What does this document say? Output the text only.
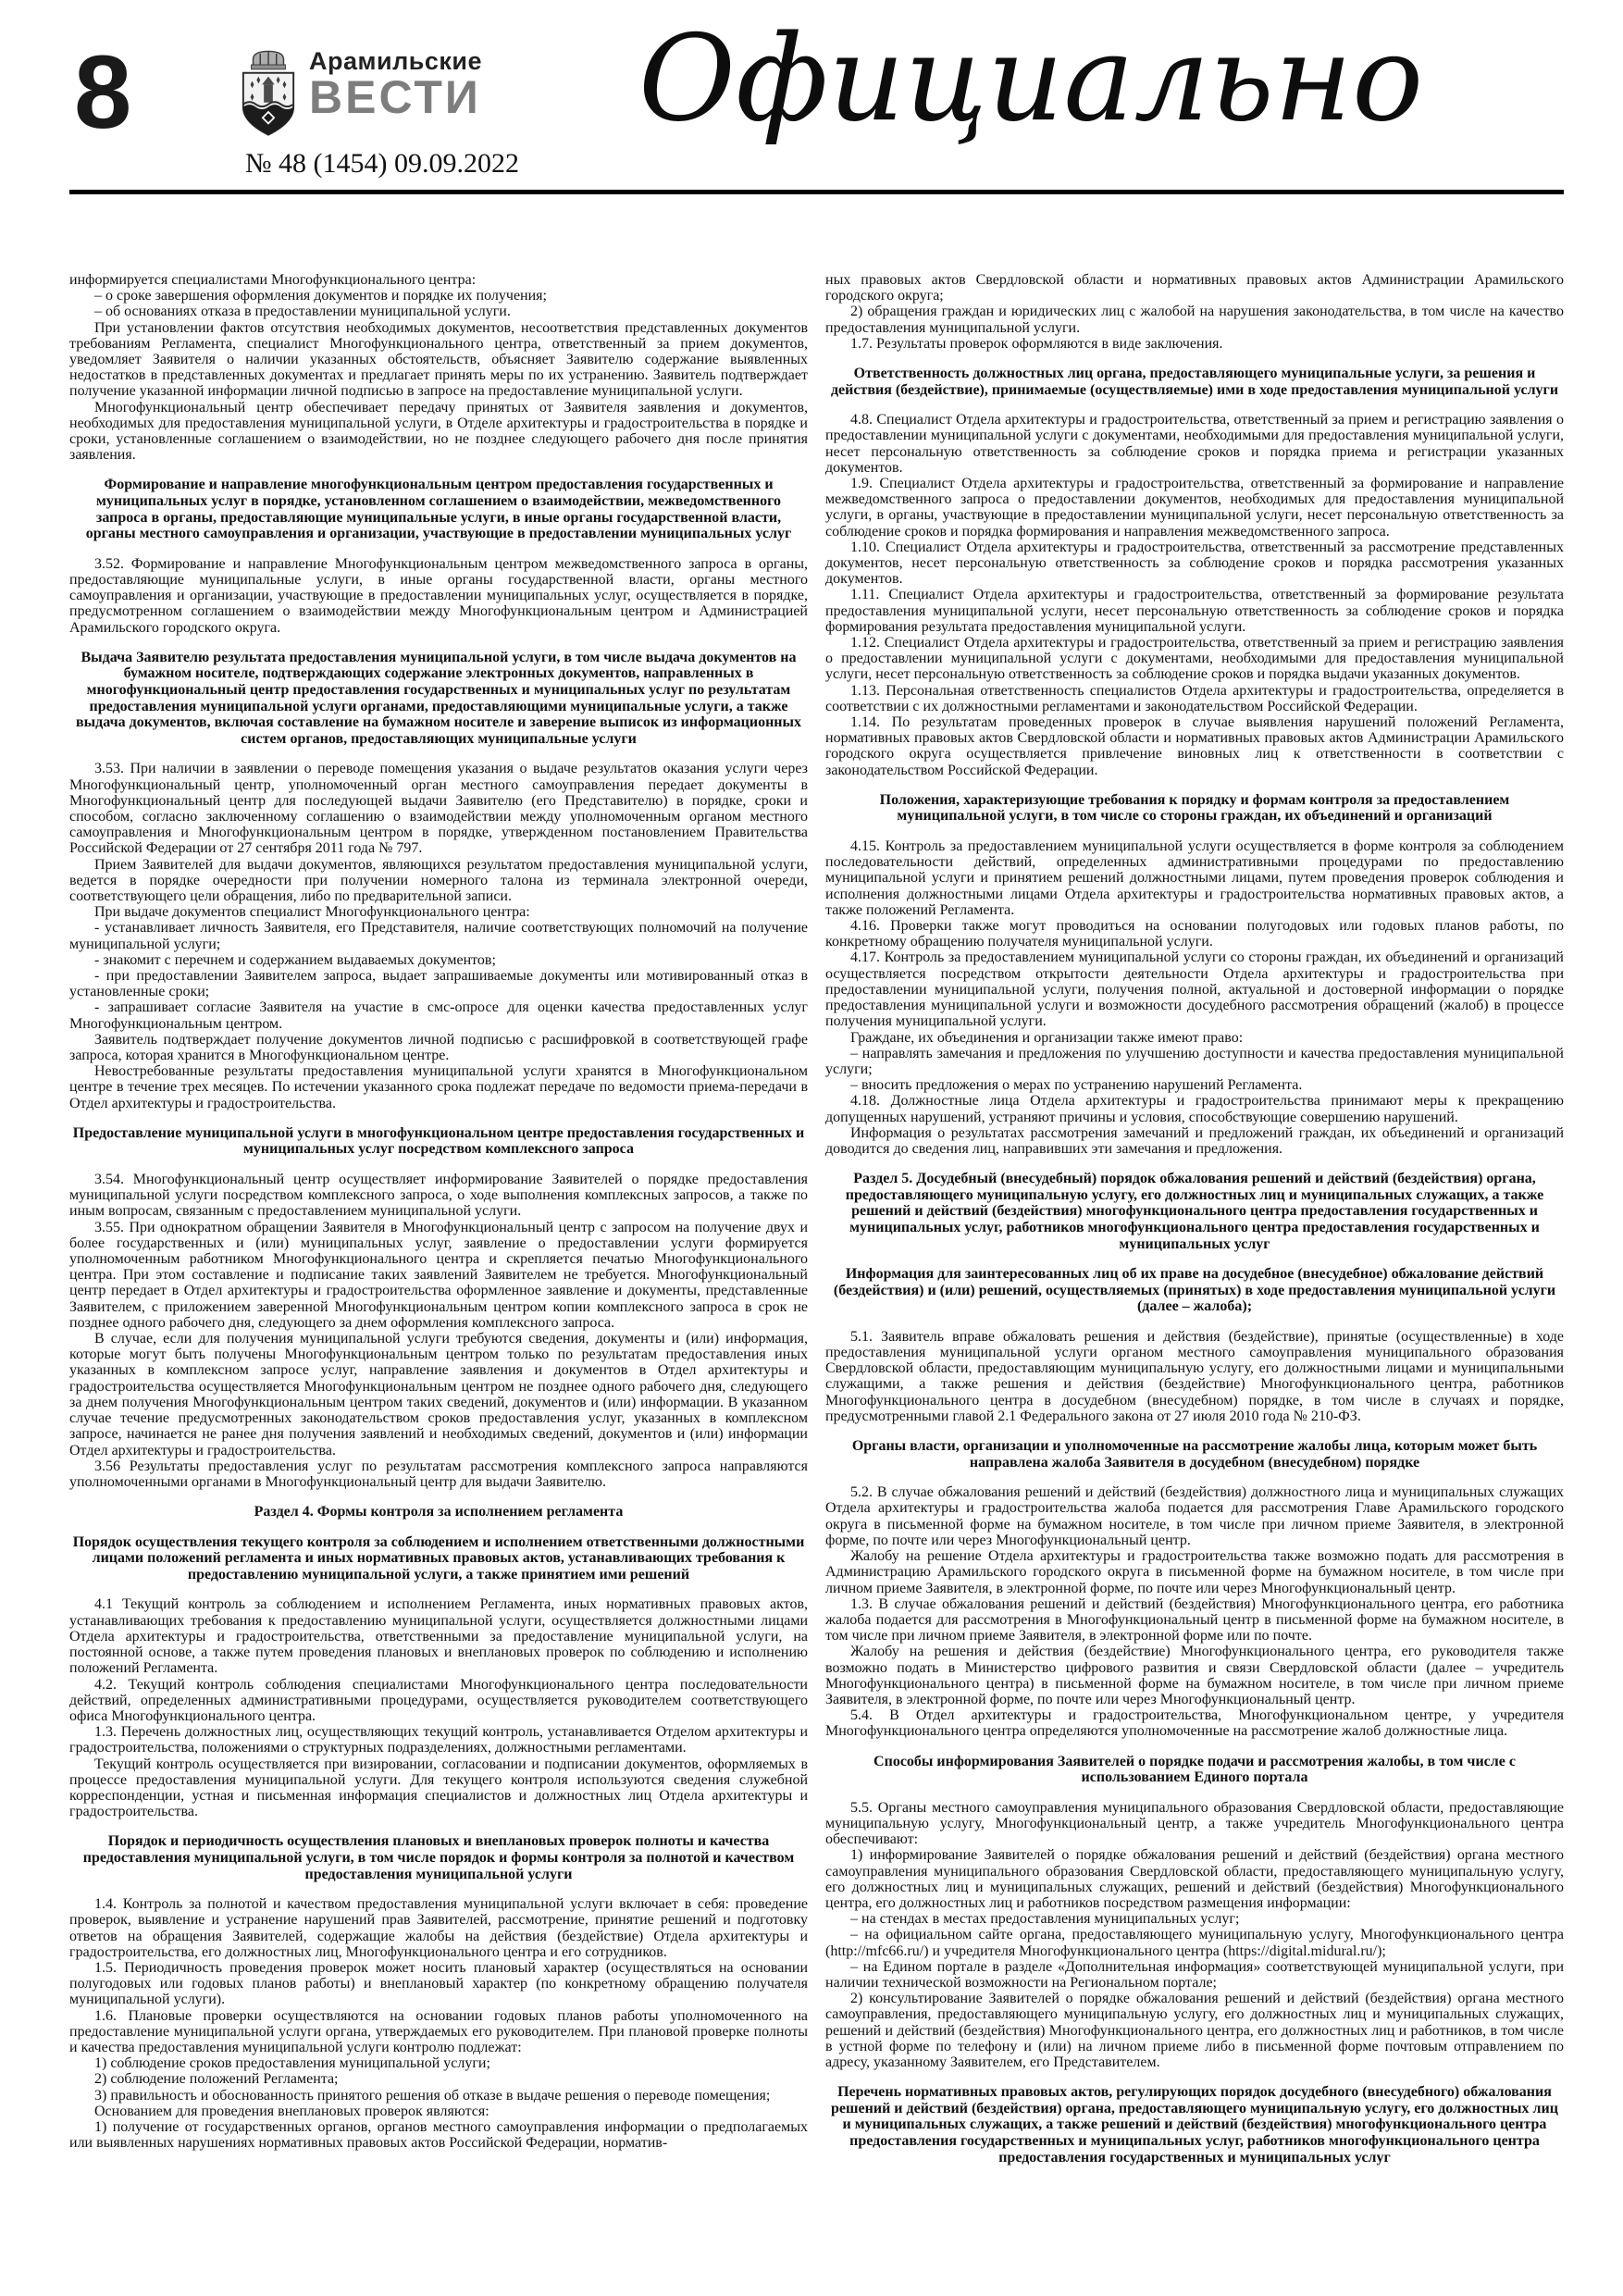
8	Арамильские
ВЕСТИ
№ 48 (1454) 09.09.2022
Официально

информируется специалистами Многофункционального центра:

– о сроке завершения оформления документов и порядке их получения;

– об основаниях отказа в предоставлении муниципальной услуги.

При установлении фактов отсутствия необходимых документов, несоответствия представленных документов требованиям Регламента, специалист Многофункционального центра, ответственный за прием документов, уведомляет Заявителя о наличии указанных обстоятельств, объясняет Заявителю содержание выявленных недостатков в представленных документах и предлагает принять меры по их устранению. Заявитель подтверждает получение указанной информации личной подписью в запросе на предоставление муниципальной услуги.

Многофункциональный центр обеспечивает передачу принятых от Заявителя заявления и документов, необходимых для предоставления муниципальной услуги, в Отделе архитектуры и градостроительства в порядке и сроки, установленные соглашением о взаимодействии, но не позднее следующего рабочего дня после принятия заявления.

Формирование и направление многофункциональным центром предоставления государственных и муниципальных услуг в порядке, установленном соглашением о взаимодействии, межведомственного запроса в органы, предоставляющие муниципальные услуги, в иные органы государственной власти, органы местного самоуправления и организации, участвующие в предоставлении муниципальных услуг

3.52. Формирование и направление Многофункциональным центром межведомственного запроса в органы, предоставляющие муниципальные услуги, в иные органы государственной власти, органы местного самоуправления и организации, участвующие в предоставлении муниципальных услуг, осуществляется в порядке, предусмотренном соглашением о взаимодействии между Многофункциональным центром и Администрацией Арамильского городского округа.

Выдача Заявителю результата предоставления муниципальной услуги, в том числе выдача документов на бумажном носителе, подтверждающих содержание электронных документов, направленных в многофункциональный центр предоставления государственных и муниципальных услуг по результатам предоставления муниципальной услуги органами, предоставляющими муниципальные услуги, а также выдача документов, включая составление на бумажном носителе и заверение выписок из информационных систем органов, предоставляющих муниципальные услуги

3.53. При наличии в заявлении о переводе помещения указания о выдаче результатов оказания услуги через Многофункциональный центр, уполномоченный орган местного самоуправления передает документы в Многофункциональный центр для последующей выдачи Заявителю (его Представителю) в порядке, сроки и способом, согласно заключенному соглашению о взаимодействии между уполномоченным органом местного самоуправления и Многофункциональным центром в порядке, утвержденном постановлением Правительства Российской Федерации от 27 сентября 2011 года № 797.

Прием Заявителей для выдачи документов, являющихся результатом предоставления муниципальной услуги, ведется в порядке очередности при получении номерного талона из терминала электронной очереди, соответствующего цели обращения, либо по предварительной записи.

При выдаче документов специалист Многофункционального центра:

- устанавливает личность Заявителя, его Представителя, наличие соответствующих полномочий на получение муниципальной услуги;

- знакомит с перечнем и содержанием выдаваемых документов;

- при предоставлении Заявителем запроса, выдает запрашиваемые документы или мотивированный отказ в установленные сроки;

- запрашивает согласие Заявителя на участие в смс-опросе для оценки качества предоставленных услуг Многофункциональным центром.

Заявитель подтверждает получение документов личной подписью с расшифровкой в соответствующей графе запроса, которая хранится в Многофункциональном центре.

Невостребованные результаты предоставления муниципальной услуги хранятся в Многофункциональном центре в течение трех месяцев. По истечении указанного срока подлежат передаче по ведомости приема-передачи в Отдел архитектуры и градостроительства.

Предоставление муниципальной услуги в многофункциональном центре предоставления государственных и муниципальных услуг посредством комплексного запроса

3.54. Многофункциональный центр осуществляет информирование Заявителей о порядке предоставления муниципальной услуги посредством комплексного запроса, о ходе выполнения комплексных запросов, а также по иным вопросам, связанным с предоставлением муниципальной услуги.

3.55. При однократном обращении Заявителя в Многофункциональный центр с запросом на получение двух и более государственных и (или) муниципальных услуг, заявление о предоставлении услуги формируется уполномоченным работником Многофункционального центра и скрепляется печатью Многофункционального центра. При этом составление и подписание таких заявлений Заявителем не требуется. Многофункциональный центр передает в Отдел архитектуры и градостроительства оформленное заявление и документы, представленные Заявителем, с приложением заверенной Многофункциональным центром копии комплексного запроса в срок не позднее одного рабочего дня, следующего за днем оформления комплексного запроса.

В случае, если для получения муниципальной услуги требуются сведения, документы и (или) информация, которые могут быть получены Многофункциональным центром только по результатам предоставления иных указанных в комплексном запросе услуг, направление заявления и документов в Отдел архитектуры и градостроительства осуществляется Многофункциональным центром не позднее одного рабочего дня, следующего за днем получения Многофункциональным центром таких сведений, документов и (или) информации. В указанном случае течение предусмотренных законодательством сроков предоставления услуг, указанных в комплексном запросе, начинается не ранее дня получения заявлений и необходимых сведений, документов и (или) информации Отдел архитектуры и градостроительства.

3.56 Результаты предоставления услуг по результатам рассмотрения комплексного запроса направляются уполномоченными органами в Многофункциональный центр для выдачи Заявителю.

Раздел 4. Формы контроля за исполнением регламента

Порядок осуществления текущего контроля за соблюдением и исполнением ответственными должностными лицами положений регламента и иных нормативных правовых актов, устанавливающих требования к предоставлению муниципальной услуги, а также принятием ими решений

4.1 Текущий контроль за соблюдением и исполнением Регламента, иных нормативных правовых актов, устанавливающих требования к предоставлению муниципальной услуги, осуществляется должностными лицами Отдела архитектуры и градостроительства, ответственными за предоставление муниципальной услуги, на постоянной основе, а также путем проведения плановых и внеплановых проверок по соблюдению и исполнению положений Регламента.

4.2. Текущий контроль соблюдения специалистами Многофункционального центра последовательности действий, определенных административными процедурами, осуществляется руководителем соответствующего офиса Многофункционального центра.

1.3. Перечень должностных лиц, осуществляющих текущий контроль, устанавливается Отделом архитектуры и градостроительства, положениями о структурных подразделениях, должностными регламентами.

Текущий контроль осуществляется при визировании, согласовании и подписании документов, оформляемых в процессе предоставления муниципальной услуги. Для текущего контроля используются сведения служебной корреспонденции, устная и письменная информация специалистов и должностных лиц Отдела архитектуры и градостроительства.

Порядок и периодичность осуществления плановых и внеплановых проверок полноты и качества предоставления муниципальной услуги, в том числе порядок и формы контроля за полнотой и качеством предоставления муниципальной услуги

1.4. Контроль за полнотой и качеством предоставления муниципальной услуги включает в себя: проведение проверок, выявление и устранение нарушений прав Заявителей, рассмотрение, принятие решений и подготовку ответов на обращения Заявителей, содержащие жалобы на действия (бездействие) Отдела архитектуры и градостроительства, его должностных лиц, Многофункционального центра и его сотрудников.

1.5. Периодичность проведения проверок может носить плановый характер (осуществляться на основании полугодовых или годовых планов работы) и внеплановый характер (по конкретному обращению получателя муниципальной услуги).

1.6. Плановые проверки осуществляются на основании годовых планов работы уполномоченного на предоставление муниципальной услуги органа, утверждаемых его руководителем. При плановой проверке полноты и качества предоставления муниципальной услуги контролю подлежат:

1) соблюдение сроков предоставления муниципальной услуги;

2) соблюдение положений Регламента;

3) правильность и обоснованность принятого решения об отказе в выдаче решения о переводе помещения;

Основанием для проведения внеплановых проверок являются:

1) получение от государственных органов, органов местного самоуправления информации о предполагаемых или выявленных нарушениях нормативных правовых актов Российской Федерации, норматив-

ных правовых актов Свердловской области и нормативных правовых актов Администрации Арамильского городского округа;

2) обращения граждан и юридических лиц с жалобой на нарушения законодательства, в том числе на качество предоставления муниципальной услуги.

1.7. Результаты проверок оформляются в виде заключения.

Ответственность должностных лиц органа, предоставляющего муниципальные услуги, за решения и действия (бездействие), принимаемые (осуществляемые) ими в ходе предоставления муниципальной услуги

4.8. Специалист Отдела архитектуры и градостроительства, ответственный за прием и регистрацию заявления о предоставлении муниципальной услуги с документами, необходимыми для предоставления муниципальной услуги, несет персональную ответственность за соблюдение сроков и порядка приема и регистрации указанных документов.

1.9. Специалист Отдела архитектуры и градостроительства, ответственный за формирование и направление межведомственного запроса о предоставлении документов, необходимых для предоставления муниципальной услуги, в органы, участвующие в предоставлении муниципальной услуги, несет персональную ответственность за соблюдение сроков и порядка формирования и направления межведомственного запроса.

1.10. Специалист Отдела архитектуры и градостроительства, ответственный за рассмотрение представленных документов, несет персональную ответственность за соблюдение сроков и порядка рассмотрения указанных документов.

1.11. Специалист Отдела архитектуры и градостроительства, ответственный за формирование результата предоставления муниципальной услуги, несет персональную ответственность за соблюдение сроков и порядка формирования результата предоставления муниципальной услуги.

1.12. Специалист Отдела архитектуры и градостроительства, ответственный за прием и регистрацию заявления о предоставлении муниципальной услуги с документами, необходимыми для предоставления муниципальной услуги, несет персональную ответственность за соблюдение сроков и порядка выдачи указанных документов.

1.13. Персональная ответственность специалистов Отдела архитектуры и градостроительства, определяется в соответствии с их должностными регламентами и законодательством Российской Федерации.

1.14. По результатам проведенных проверок в случае выявления нарушений положений Регламента, нормативных правовых актов Свердловской области и нормативных правовых актов Администрации Арамильского городского округа осуществляется привлечение виновных лиц к ответственности в соответствии с законодательством Российской Федерации.

Положения, характеризующие требования к порядку и формам контроля за предоставлением муниципальной услуги, в том числе со стороны граждан, их объединений и организаций

4.15. Контроль за предоставлением муниципальной услуги осуществляется в форме контроля за соблюдением последовательности действий, определенных административными процедурами по предоставлению муниципальной услуги и принятием решений должностными лицами, путем проведения проверок соблюдения и исполнения должностными лицами Отдела архитектуры и градостроительства нормативных правовых актов, а также положений Регламента.

4.16. Проверки также могут проводиться на основании полугодовых или годовых планов работы, по конкретному обращению получателя муниципальной услуги.

4.17. Контроль за предоставлением муниципальной услуги со стороны граждан, их объединений и организаций осуществляется посредством открытости деятельности Отдела архитектуры и градостроительства при предоставлении муниципальной услуги, получения полной, актуальной и достоверной информации о порядке предоставления муниципальной услуги и возможности досудебного рассмотрения обращений (жалоб) в процессе получения муниципальной услуги.

Граждане, их объединения и организации также имеют право:

– направлять замечания и предложения по улучшению доступности и качества предоставления муниципальной услуги;

– вносить предложения о мерах по устранению нарушений Регламента.

4.18. Должностные лица Отдела архитектуры и градостроительства принимают меры к прекращению допущенных нарушений, устраняют причины и условия, способствующие совершению нарушений.

Информация о результатах рассмотрения замечаний и предложений граждан, их объединений и организаций доводится до сведения лиц, направивших эти замечания и предложения.

Раздел 5. Досудебный (внесудебный) порядок обжалования решений и действий (бездействия) органа, предоставляющего муниципальную услугу, его должностных лиц и муниципальных служащих, а также решений и действий (бездействия) многофункционального центра предоставления государственных и муниципальных услуг, работников многофункционального центра предоставления государственных и муниципальных услуг

Информация для заинтересованных лиц об их праве на досудебное (внесудебное) обжалование действий (бездействия) и (или) решений, осуществляемых (принятых) в ходе предоставления муниципальной услуги (далее – жалоба);

5.1. Заявитель вправе обжаловать решения и действия (бездействие), принятые (осуществленные) в ходе предоставления муниципальной услуги органом местного самоуправления муниципального образования Свердловской области, предоставляющим муниципальную услугу, его должностными лицами и муниципальными служащими, а также решения и действия (бездействие) Многофункционального центра, работников Многофункционального центра в досудебном (внесудебном) порядке, в том числе в случаях и порядке, предусмотренными главой 2.1 Федерального закона от 27 июля 2010 года № 210-ФЗ.

Органы власти, организации и уполномоченные на рассмотрение жалобы лица, которым может быть направлена жалоба Заявителя в досудебном (внесудебном) порядке

5.2. В случае обжалования решений и действий (бездействия) должностного лица и муниципальных служащих Отдела архитектуры и градостроительства жалоба подается для рассмотрения Главе Арамильского городского округа в письменной форме на бумажном носителе, в том числе при личном приеме Заявителя, в электронной форме, по почте или через Многофункциональный центр.

Жалобу на решение Отдела архитектуры и градостроительства также возможно подать для рассмотрения в Администрацию Арамильского городского округа в письменной форме на бумажном носителе, в том числе при личном приеме Заявителя, в электронной форме, по почте или через Многофункциональный центр.

1.3. В случае обжалования решений и действий (бездействия) Многофункционального центра, его работника жалоба подается для рассмотрения в Многофункциональный центр в письменной форме на бумажном носителе, в том числе при личном приеме Заявителя, в электронной форме или по почте.

Жалобу на решения и действия (бездействие) Многофункционального центра, его руководителя также возможно подать в Министерство цифрового развития и связи Свердловской области (далее – учредитель Многофункционального центра) в письменной форме на бумажном носителе, в том числе при личном приеме Заявителя, в электронной форме, по почте или через Многофункциональный центр.

5.4. В Отдел архитектуры и градостроительства, Многофункциональном центре, у учредителя Многофункционального центра определяются уполномоченные на рассмотрение жалоб должностные лица.

Способы информирования Заявителей о порядке подачи и рассмотрения жалобы, в том числе с использованием Единого портала

5.5. Органы местного самоуправления муниципального образования Свердловской области, предоставляющие муниципальную услугу, Многофункциональный центр, а также учредитель Многофункционального центра обеспечивают:

1) информирование Заявителей о порядке обжалования решений и действий (бездействия) органа местного самоуправления муниципального образования Свердловской области, предоставляющего муниципальную услугу, его должностных лиц и муниципальных служащих, решений и действий (бездействия) Многофункционального центра, его должностных лиц и работников посредством размещения информации:

– на стендах в местах предоставления муниципальных услуг;

– на официальном сайте органа, предоставляющего муниципальную услугу, Многофункционального центра (http://mfc66.ru/) и учредителя Многофункционального центра (https://digital.midural.ru/);

– на Едином портале в разделе «Дополнительная информация» соответствующей муниципальной услуги, при наличии технической возможности на Региональном портале;

2) консультирование Заявителей о порядке обжалования решений и действий (бездействия) органа местного самоуправления, предоставляющего муниципальную услугу, его должностных лиц и муниципальных служащих, решений и действий (бездействия) Многофункционального центра, его должностных лиц и работников, в том числе в устной форме по телефону и (или) на личном приеме либо в письменной форме почтовым отправлением по адресу, указанному Заявителем, его Представителем.

Перечень нормативных правовых актов, регулирующих порядок досудебного (внесудебного) обжалования решений и действий (бездействия) органа, предоставляющего муниципальную услугу, его должностных лиц и муниципальных служащих, а также решений и действий (бездействия) многофункционального центра предоставления государственных и муниципальных услуг, работников многофункционального центра предоставления государственных и муниципальных услуг
